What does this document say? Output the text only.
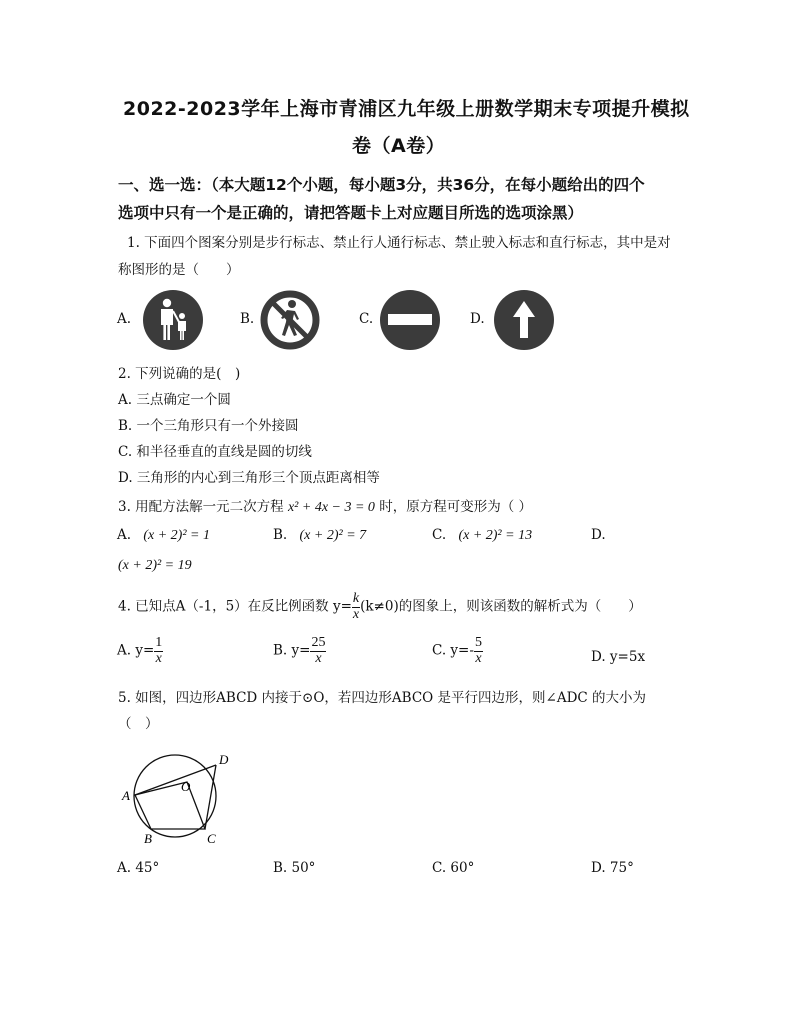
2022-2023学年上海市青浦区九年级上册数学期末专项提升模拟
卷（A卷）
一、选一选：（本大题12个小题，每小题3分，共36分，在每小题给出的四个
选项中只有一个是正确的，请把答题卡上对应题目所选的选项涂黑）
1. 下面四个图案分别是步行标志、禁止行人通行标志、禁止驶入标志和直行标志，其中是对
称图形的是（　　）
A.	B.	C.	D.
2. 下列说确的是(　)
A. 三点确定一个圆
B. 一个三角形只有一个外接圆
C. 和半径垂直的直线是圆的切线
D. 三角形的内心到三角形三个顶点距离相等
3. 用配方法解一元二次方程 x² + 4x − 3 = 0 时，原方程可变形为（ ）
A. (x + 2)² = 1	B. (x + 2)² = 7	C. (x + 2)² = 13	D.
(x + 2)² = 19
4. 已知点A（-1，5）在反比例函数 $y= \frac{k}{x} (k\ne 0)$的图象上，则该函数的解析式为（　　）
A. $y= \frac{1}{x}$	B. $y= \frac{25}{x}$	C. $y=- \frac{5}{x}$	D. y=5x
5. 如图，四边形ABCD 内接于⊙O，若四边形ABCO 是平行四边形，则∠ADC 的大小为
（　）
D
A
O
B	C
A. 45°	B. 50°	C. 60°	D. 75°
